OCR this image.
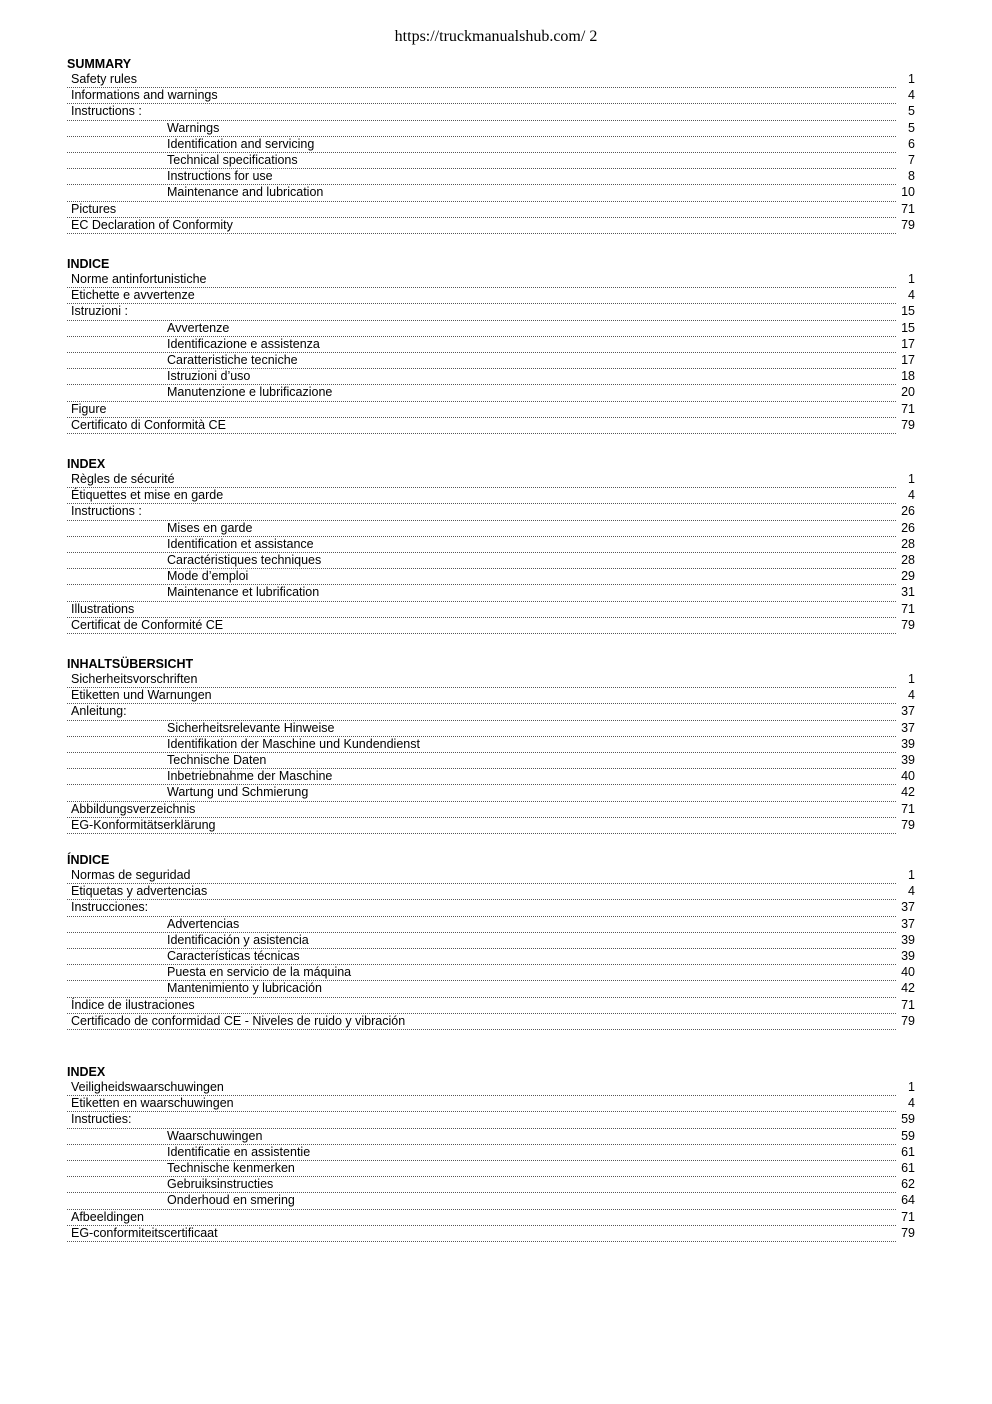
https://truckmanualshub.com/ 2
SUMMARY
Safety rules	1
Informations and warnings	4
Instructions :	5
Warnings	5
Identification and servicing	6
Technical specifications	7
Instructions for use	8
Maintenance and lubrication	10
Pictures	71
EC Declaration of Conformity	79
INDICE
Norme antinfortunistiche	1
Etichette e avvertenze	4
Istruzioni :	15
Avvertenze	15
Identificazione e assistenza	17
Caratteristiche tecniche	17
Istruzioni d’uso	18
Manutenzione e lubrificazione	20
Figure	71
Certificato di Conformità CE	79
INDEX
Règles de sécurité	1
Étiquettes et mise en garde	4
Instructions :	26
Mises en garde	26
Identification et assistance	28
Caractéristiques techniques	28
Mode d’emploi	29
Maintenance et lubrification	31
Illustrations	71
Certificat de Conformité CE	79
INHALTSÜBERSICHT
Sicherheitsvorschriften	1
Etiketten und Warnungen	4
Anleitung:	37
Sicherheitsrelevante Hinweise	37
Identifikation der Maschine und Kundendienst	39
Technische Daten	39
Inbetriebnahme der Maschine	40
Wartung und Schmierung	42
Abbildungsverzeichnis	71
EG-Konformitätserklärung	79
ÍNDICE
Normas de seguridad	1
Etiquetas y advertencias	4
Instrucciones:	37
Advertencias	37
Identificación y asistencia	39
Características técnicas	39
Puesta en servicio de la máquina	40
Mantenimiento y lubricación	42
Índice de ilustraciones	71
Certificado de conformidad CE - Niveles de ruido y vibración	79
INDEX
Veiligheidswaarschuwingen	1
Etiketten en waarschuwingen	4
Instructies:	59
Waarschuwingen	59
Identificatie en assistentie	61
Technische kenmerken	61
Gebruiksinstructies	62
Onderhoud en smering	64
Afbeeldingen	71
EG-conformiteitscertificaat	79
